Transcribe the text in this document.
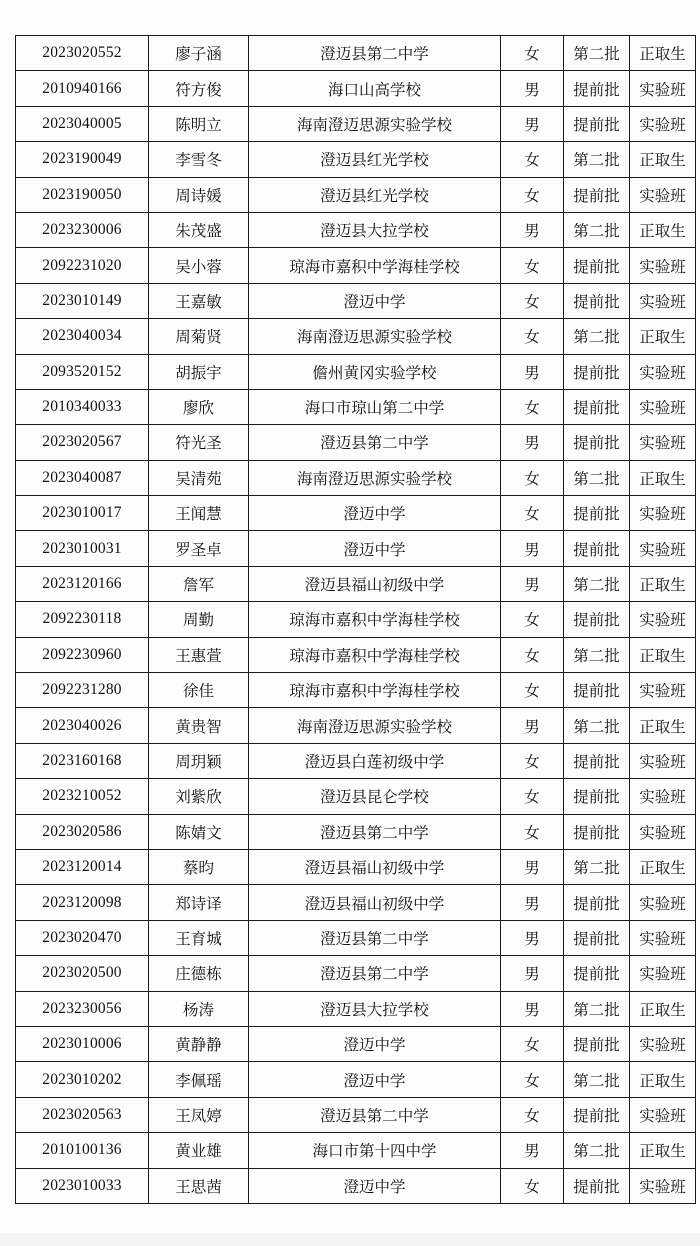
2023020552	廖子涵	澄迈县第二中学	女	第二批	正取生
2010940166	符方俊	海口山高学校	男	提前批	实验班
2023040005	陈明立	海南澄迈思源实验学校	男	提前批	实验班
2023190049	李雪冬	澄迈县红光学校	女	第二批	正取生
2023190050	周诗媛	澄迈县红光学校	女	提前批	实验班
2023230006	朱茂盛	澄迈县大拉学校	男	第二批	正取生
2092231020	吴小蓉	琼海市嘉积中学海桂学校	女	提前批	实验班
2023010149	王嘉敏	澄迈中学	女	提前批	实验班
2023040034	周菊贤	海南澄迈思源实验学校	女	第二批	正取生
2093520152	胡振宇	儋州黄冈实验学校	男	提前批	实验班
2010340033	廖欣	海口市琼山第二中学	女	提前批	实验班
2023020567	符光圣	澄迈县第二中学	男	提前批	实验班
2023040087	吴清苑	海南澄迈思源实验学校	女	第二批	正取生
2023010017	王闻慧	澄迈中学	女	提前批	实验班
2023010031	罗圣卓	澄迈中学	男	提前批	实验班
2023120166	詹军	澄迈县福山初级中学	男	第二批	正取生
2092230118	周勤	琼海市嘉积中学海桂学校	女	提前批	实验班
2092230960	王惠萱	琼海市嘉积中学海桂学校	女	第二批	正取生
2092231280	徐佳	琼海市嘉积中学海桂学校	女	提前批	实验班
2023040026	黄贵智	海南澄迈思源实验学校	男	第二批	正取生
2023160168	周玥颖	澄迈县白莲初级中学	女	提前批	实验班
2023210052	刘紫欣	澄迈县昆仑学校	女	提前批	实验班
2023020586	陈婧文	澄迈县第二中学	女	提前批	实验班
2023120014	蔡昀	澄迈县福山初级中学	男	第二批	正取生
2023120098	郑诗译	澄迈县福山初级中学	男	提前批	实验班
2023020470	王育城	澄迈县第二中学	男	提前批	实验班
2023020500	庄德栋	澄迈县第二中学	男	提前批	实验班
2023230056	杨涛	澄迈县大拉学校	男	第二批	正取生
2023010006	黄静静	澄迈中学	女	提前批	实验班
2023010202	李佩瑶	澄迈中学	女	第二批	正取生
2023020563	王凤婷	澄迈县第二中学	女	提前批	实验班
2010100136	黄业雄	海口市第十四中学	男	第二批	正取生
2023010033	王思茜	澄迈中学	女	提前批	实验班
